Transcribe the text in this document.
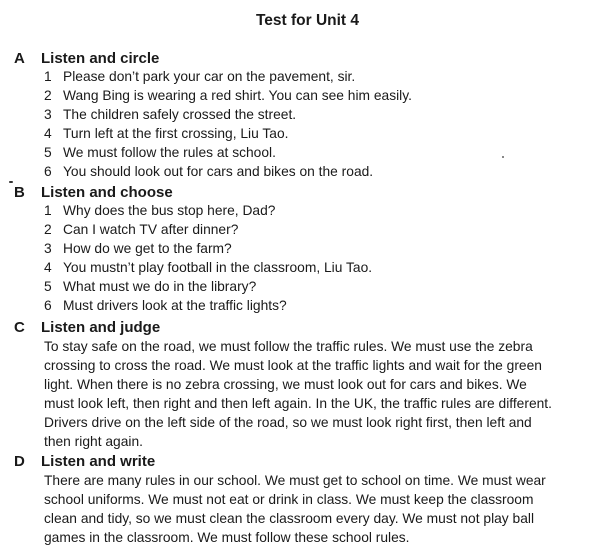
Test for Unit 4
A Listen and circle
1 Please don’t park your car on the pavement, sir.
2 Wang Bing is wearing a red shirt. You can see him easily.
3 The children safely crossed the street.
4 Turn left at the first crossing, Liu Tao.
5 We must follow the rules at school.
6 You should look out for cars and bikes on the road.
B Listen and choose
1 Why does the bus stop here, Dad?
2 Can I watch TV after dinner?
3 How do we get to the farm?
4 You mustn’t play football in the classroom, Liu Tao.
5 What must we do in the library?
6 Must drivers look at the traffic lights?
C Listen and judge
To stay safe on the road, we must follow the traffic rules. We must use the zebra
crossing to cross the road. We must look at the traffic lights and wait for the green
light. When there is no zebra crossing, we must look out for cars and bikes. We
must look left, then right and then left again. In the UK, the traffic rules are different.
Drivers drive on the left side of the road, so we must look right first, then left and
then right again.
D Listen and write
There are many rules in our school. We must get to school on time. We must wear
school uniforms. We must not eat or drink in class. We must keep the classroom
clean and tidy, so we must clean the classroom every day. We must not play ball
games in the classroom. We must follow these school rules.
